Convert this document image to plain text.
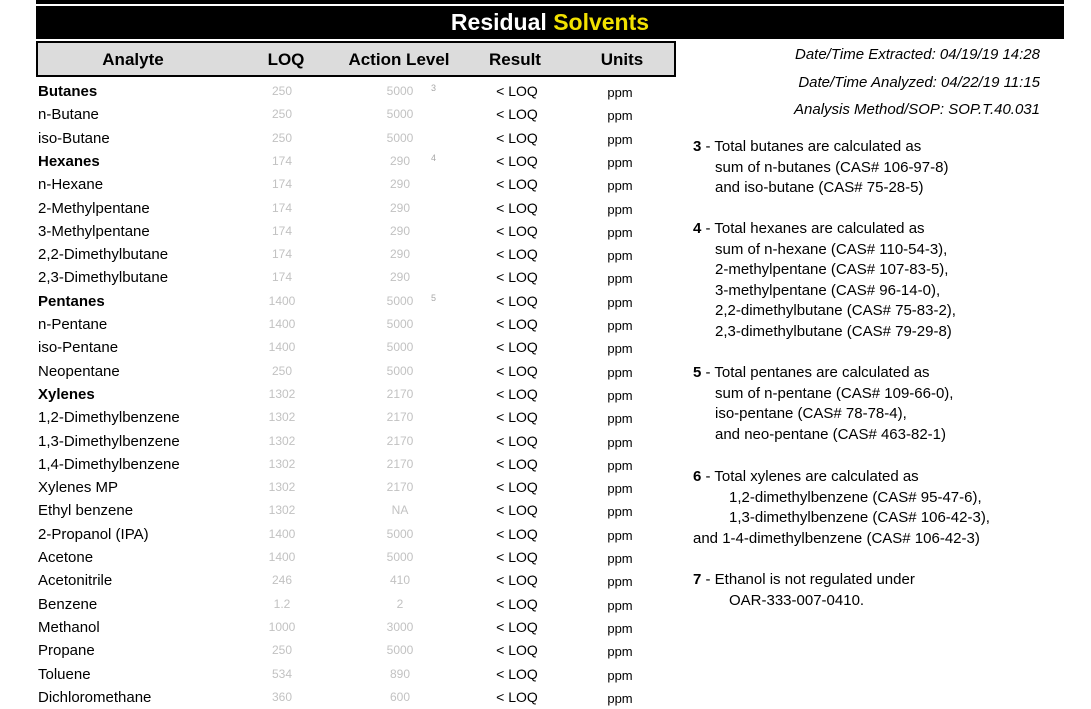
Residual Solvents
Analyte	LOQ	Action Level	Result	Units
Butanes	250	5000	3	< LOQ	ppm
n-Butane	250	5000	< LOQ	ppm
iso-Butane	250	5000	< LOQ	ppm
Hexanes	174	290	4	< LOQ	ppm
n-Hexane	174	290	< LOQ	ppm
2-Methylpentane	174	290	< LOQ	ppm
3-Methylpentane	174	290	< LOQ	ppm
2,2-Dimethylbutane	174	290	< LOQ	ppm
2,3-Dimethylbutane	174	290	< LOQ	ppm
Pentanes	1400	5000	5	< LOQ	ppm
n-Pentane	1400	5000	< LOQ	ppm
iso-Pentane	1400	5000	< LOQ	ppm
Neopentane	250	5000	< LOQ	ppm
Xylenes	1302	2170	< LOQ	ppm
1,2-Dimethylbenzene	1302	2170	< LOQ	ppm
1,3-Dimethylbenzene	1302	2170	< LOQ	ppm
1,4-Dimethylbenzene	1302	2170	< LOQ	ppm
Xylenes MP	1302	2170	< LOQ	ppm
Ethyl benzene	1302	NA	< LOQ	ppm
2-Propanol (IPA)	1400	5000	< LOQ	ppm
Acetone	1400	5000	< LOQ	ppm
Acetonitrile	246	410	< LOQ	ppm
Benzene	1.2	2	< LOQ	ppm
Methanol	1000	3000	< LOQ	ppm
Propane	250	5000	< LOQ	ppm
Toluene	534	890	< LOQ	ppm
Dichloromethane	360	600	< LOQ	ppm
Date/Time Extracted: 04/19/19 14:28
Date/Time Analyzed: 04/22/19 11:15
Analysis Method/SOP: SOP.T.40.031
3 - Total butanes are calculated as
sum of n-butanes (CAS# 106-97-8)
and iso-butane (CAS# 75-28-5)
4 - Total hexanes are calculated as
sum of n-hexane (CAS# 110-54-3),
2-methylpentane (CAS# 107-83-5),
3-methylpentane (CAS# 96-14-0),
2,2-dimethylbutane (CAS# 75-83-2),
2,3-dimethylbutane (CAS# 79-29-8)
5 - Total pentanes are calculated as
sum of n-pentane (CAS# 109-66-0),
iso-pentane (CAS# 78-78-4),
and neo-pentane (CAS# 463-82-1)
6 - Total xylenes are calculated as
1,2-dimethylbenzene (CAS# 95-47-6),
1,3-dimethylbenzene (CAS# 106-42-3),
and 1-4-dimethylbenzene (CAS# 106-42-3)
7 - Ethanol is not regulated under
OAR-333-007-0410.
